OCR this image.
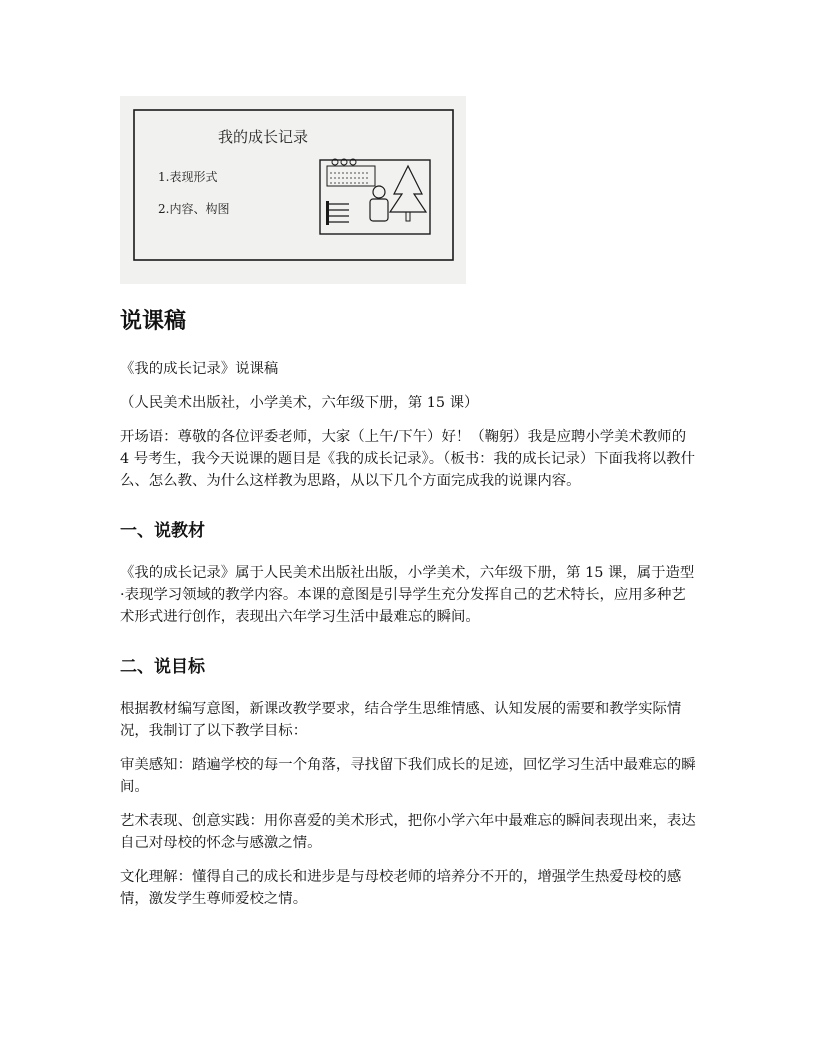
我的成长记录
1.表现形式
2.内容、构图
说课稿

《我的成长记录》说课稿

（人民美术出版社，小学美术，六年级下册，第 15 课）

开场语：尊敬的各位评委老师，大家（上午/下午）好！（鞠躬）我是应聘小学美术教师的 4 号考生，我今天说课的题目是《我的成长记录》。（板书：我的成长记录）下面我将以教什么、怎么教、为什么这样教为思路，从以下几个方面完成我的说课内容。

一、说教材

《我的成长记录》属于人民美术出版社出版，小学美术，六年级下册，第 15 课，属于造型·表现学习领域的教学内容。本课的意图是引导学生充分发挥自己的艺术特长，应用多种艺术形式进行创作，表现出六年学习生活中最难忘的瞬间。

二、说目标

根据教材编写意图，新课改教学要求，结合学生思维情感、认知发展的需要和教学实际情况，我制订了以下教学目标：

审美感知：踏遍学校的每一个角落，寻找留下我们成长的足迹，回忆学习生活中最难忘的瞬间。

艺术表现、创意实践：用你喜爱的美术形式，把你小学六年中最难忘的瞬间表现出来，表达自己对母校的怀念与感激之情。

文化理解：懂得自己的成长和进步是与母校老师的培养分不开的，增强学生热爱母校的感情，激发学生尊师爱校之情。
